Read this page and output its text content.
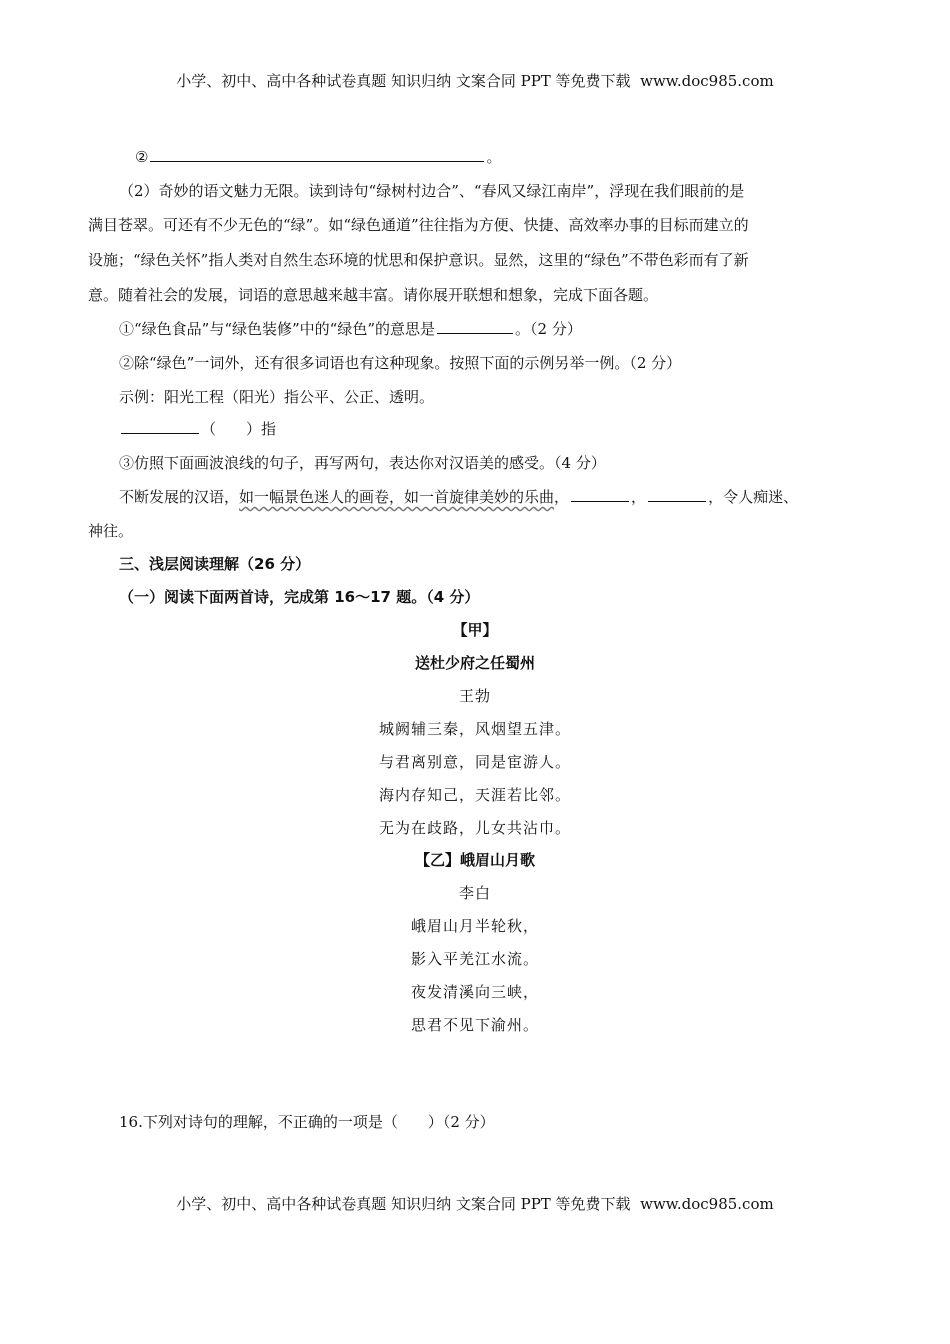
小学、初中、高中各种试卷真题 知识归纳 文案合同 PPT 等免费下载 www.doc985.com
②	。
（2）奇妙的语文魅力无限。读到诗句“绿树村边合”、“春风又绿江南岸”，浮现在我们眼前的是
满目苍翠。可还有不少无色的“绿”。如“绿色通道”往往指为方便、快捷、高效率办事的目标而建立的
设施；“绿色关怀”指人类对自然生态环境的忧思和保护意识。显然，这里的“绿色”不带色彩而有了新
意。随着社会的发展，词语的意思越来越丰富。请你展开联想和想象，完成下面各题。
①“绿色食品”与“绿色装修”中的“绿色”的意思是	。（2 分）
②除“绿色”一词外，还有很多词语也有这种现象。按照下面的示例另举一例。（2 分）
示例：阳光工程（阳光）指公平、公正、透明。
（　　）指
③仿照下面画波浪线的句子，再写两句，表达你对汉语美的感受。（4 分）
不断发展的汉语，如一幅景色迷人的画卷，如一首旋律美妙的乐曲，	，	，令人痴迷、
神往。
三、浅层阅读理解（26 分）
（一）阅读下面两首诗，完成第 16～17 题。（4 分）
【甲】
送杜少府之任蜀州
王勃
城阙辅三秦，风烟望五津。
与君离别意，同是宦游人。
海内存知己，天涯若比邻。
无为在歧路，儿女共沾巾。
【乙】峨眉山月歌
李白
峨眉山月半轮秋，
影入平羌江水流。
夜发清溪向三峡，
思君不见下渝州。
16.下列对诗句的理解，不正确的一项是（　　）（2 分）
小学、初中、高中各种试卷真题 知识归纳 文案合同 PPT 等免费下载 www.doc985.com
